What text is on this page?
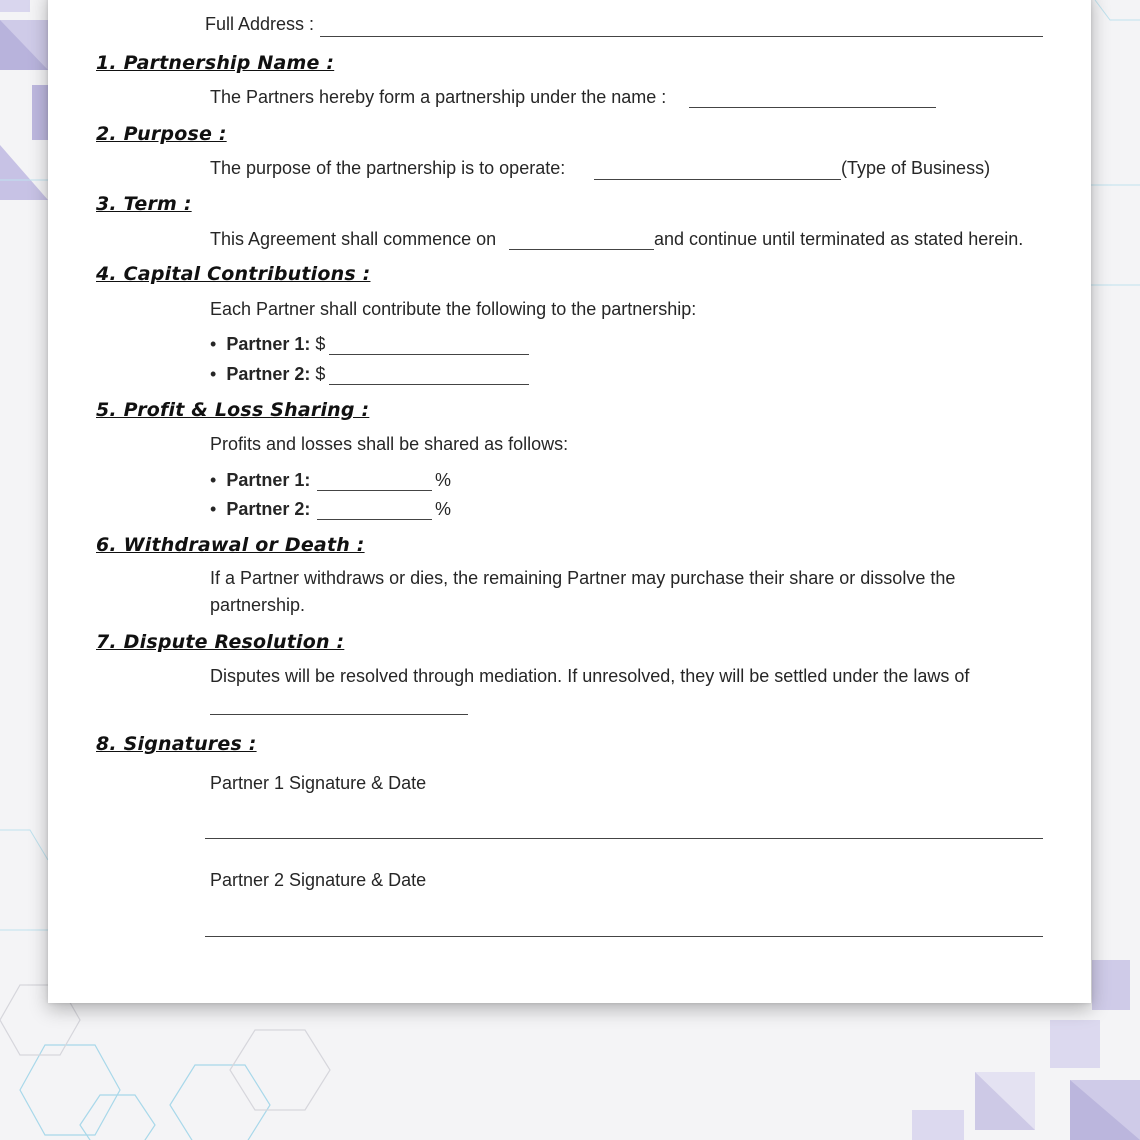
Full Address :
1. Partnership Name :
The Partners hereby form a partnership under the name :
2. Purpose :
The purpose of the partnership is to operate:	(Type of Business)
3. Term :
This Agreement shall commence on	and continue until terminated as stated herein.
4. Capital Contributions :
Each Partner shall contribute the following to the partnership:
•  Partner 1: $
•  Partner 2: $
5. Profit & Loss Sharing :
Profits and losses shall be shared as follows:
•  Partner 1:	%
•  Partner 2:	%
6. Withdrawal or Death :
If a Partner withdraws or dies, the remaining Partner may purchase their share or dissolve the partnership.
7. Dispute Resolution :
Disputes will be resolved through mediation. If unresolved, they will be settled under the laws of
8. Signatures :
Partner 1 Signature & Date
Partner 2 Signature & Date
